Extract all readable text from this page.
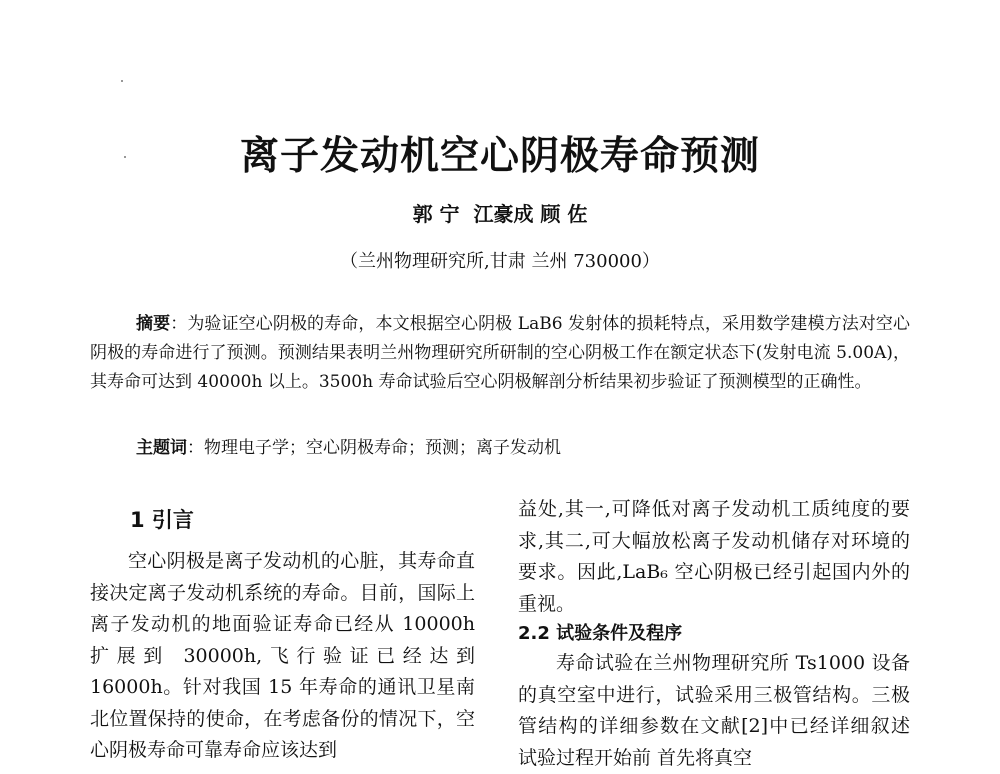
离子发动机空心阴极寿命预测
郭 宁  江豪成 顾 佐
（兰州物理研究所,甘肃 兰州 730000）
摘要：为验证空心阴极的寿命，本文根据空心阴极 LaB6 发射体的损耗特点，采用数学建模方法对空心阴极的寿命进行了预测。预测结果表明兰州物理研究所研制的空心阴极工作在额定状态下(发射电流 5.00A)，其寿命可达到 40000h 以上。3500h 寿命试验后空心阴极解剖分析结果初步验证了预测模型的正确性。
主题词：物理电子学；空心阴极寿命；预测；离子发动机
1 引言

空心阴极是离子发动机的心脏，其寿命直接决定离子发动机系统的寿命。目前，国际上离子发动机的地面验证寿命已经从 10000h 扩展到 30000h,飞行验证已经达到 16000h。针对我国 15 年寿命的通讯卫星南北位置保持的使命，在考虑备份的情况下，空心阴极寿命可靠寿命应该达到

益处,其一,可降低对离子发动机工质纯度的要求,其二,可大幅放松离子发动机储存对环境的要求。因此,LaB₆ 空心阴极已经引起国内外的重视。

2.2 试验条件及程序

寿命试验在兰州物理研究所 Ts1000 设备的真空室中进行，试验采用三极管结构。三极管结构的详细参数在文献[2]中已经详细叙述 试验过程开始前 首先将真空
